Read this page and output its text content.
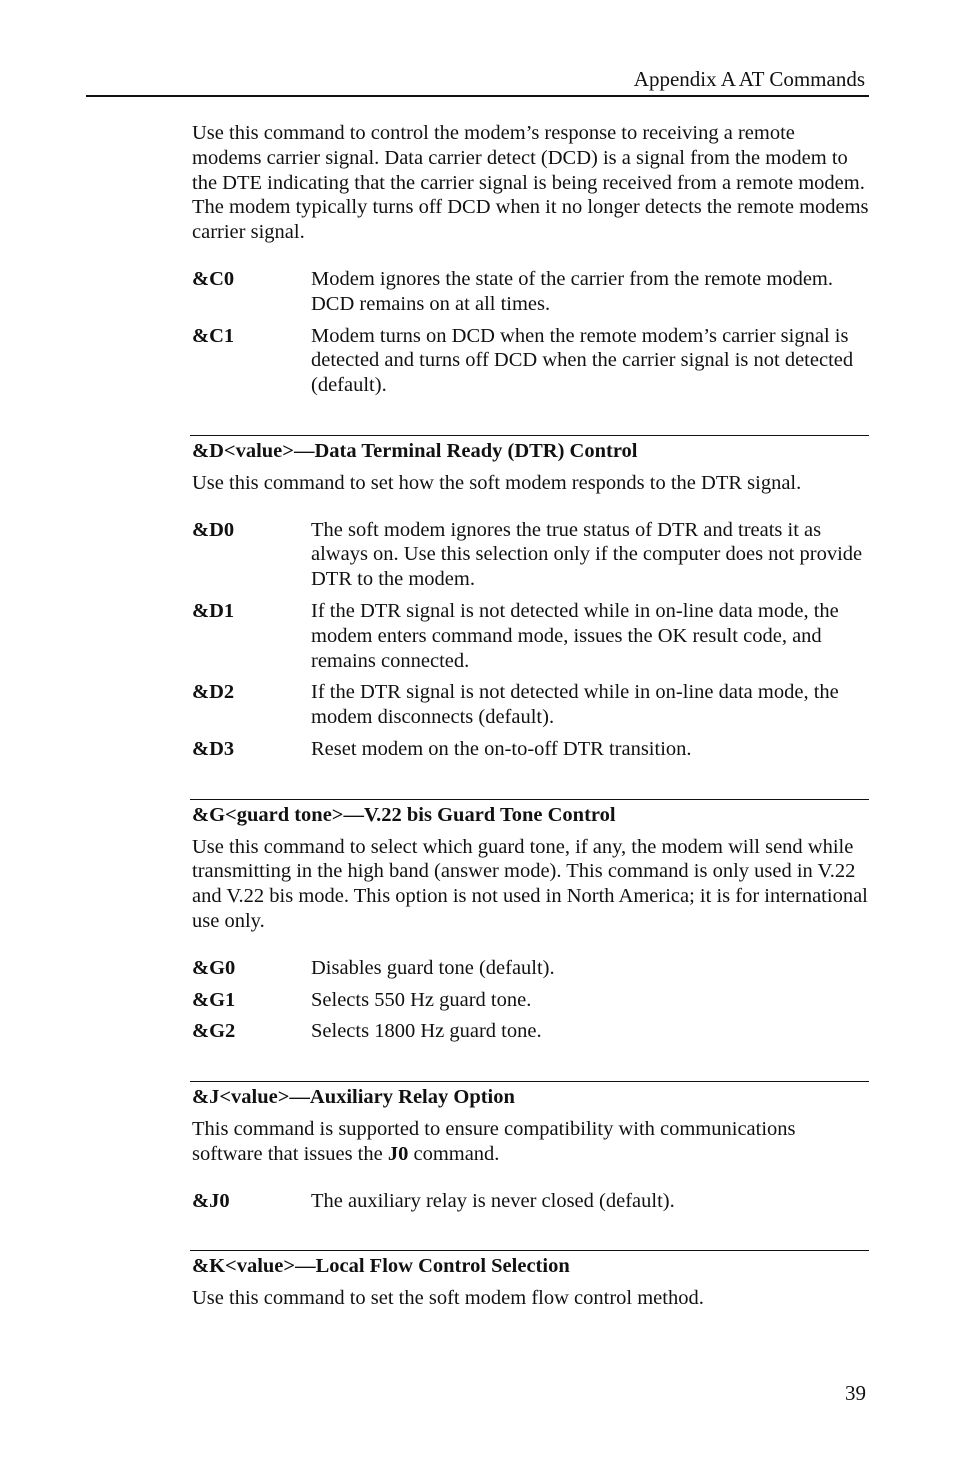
Appendix A AT Commands

Use this command to control the modem’s response to receiving a remote modems carrier signal. Data carrier detect (DCD) is a signal from the modem to the DTE indicating that the carrier signal is being received from a remote modem. The modem typically turns off DCD when it no longer detects the remote modems carrier signal.

&C0	Modem ignores the state of the carrier from the remote modem. DCD remains on at all times.
&C1	Modem turns on DCD when the remote modem’s carrier signal is detected and turns off DCD when the carrier signal is not detected (default).
&D<value>—Data Terminal Ready (DTR) Control

Use this command to set how the soft modem responds to the DTR signal.

&D0	The soft modem ignores the true status of DTR and treats it as always on. Use this selection only if the computer does not provide DTR to the modem.
&D1	If the DTR signal is not detected while in on-line data mode, the modem enters command mode, issues the OK result code, and remains connected.
&D2	If the DTR signal is not detected while in on-line data mode, the modem disconnects (default).
&D3	Reset modem on the on-to-off DTR transition.
&G<guard tone>—V.22 bis Guard Tone Control

Use this command to select which guard tone, if any, the modem will send while transmitting in the high band (answer mode). This command is only used in V.22 and V.22 bis mode. This option is not used in North America; it is for international use only.

&G0	Disables guard tone (default).
&G1	Selects 550 Hz guard tone.
&G2	Selects 1800 Hz guard tone.
&J<value>—Auxiliary Relay Option

This command is supported to ensure compatibility with communications software that issues the J0 command.

&J0	The auxiliary relay is never closed (default).
&K<value>—Local Flow Control Selection

Use this command to set the soft modem flow control method.

39
